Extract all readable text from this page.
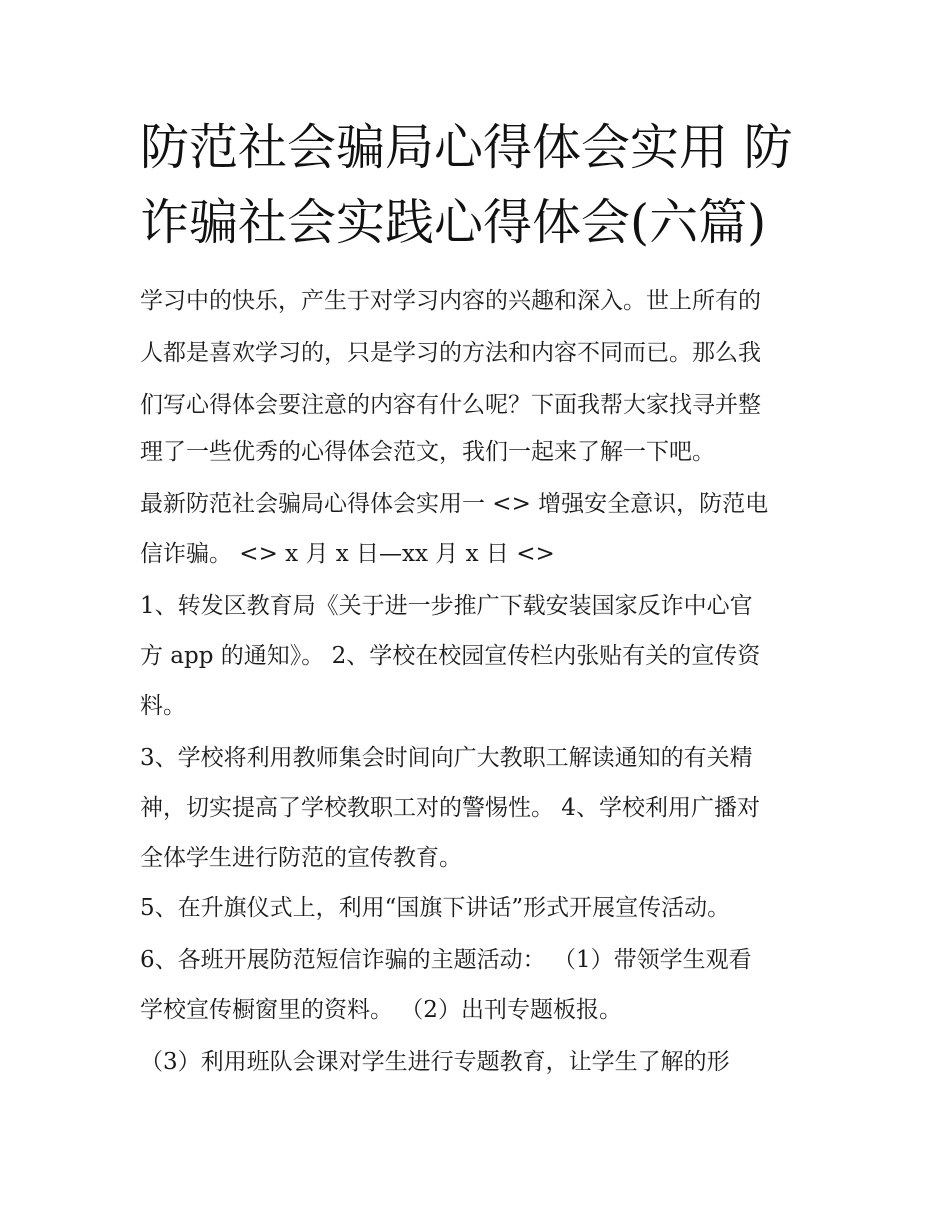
防范社会骗局心得体会实用 防
诈骗社会实践心得体会(六篇)
学习中的快乐，产生于对学习内容的兴趣和深入。世上所有的
人都是喜欢学习的，只是学习的方法和内容不同而已。那么我
们写心得体会要注意的内容有什么呢？下面我帮大家找寻并整
理了一些优秀的心得体会范文，我们一起来了解一下吧。
最新防范社会骗局心得体会实用一 <> 增强安全意识，防范电
信诈骗。 <> x 月 x 日—xx 月 x 日 <>
1、转发区教育局《关于进一步推广下载安装国家反诈中心官
方 app 的通知》。 2、学校在校园宣传栏内张贴有关的宣传资
料。
3、学校将利用教师集会时间向广大教职工解读通知的有关精
神，切实提高了学校教职工对的警惕性。 4、学校利用广播对
全体学生进行防范的宣传教育。
5、在升旗仪式上，利用“国旗下讲话”形式开展宣传活动。
6、各班开展防范短信诈骗的主题活动： （1）带领学生观看
学校宣传橱窗里的资料。 （2）出刊专题板报。
（3）利用班队会课对学生进行专题教育，让学生了解的形
